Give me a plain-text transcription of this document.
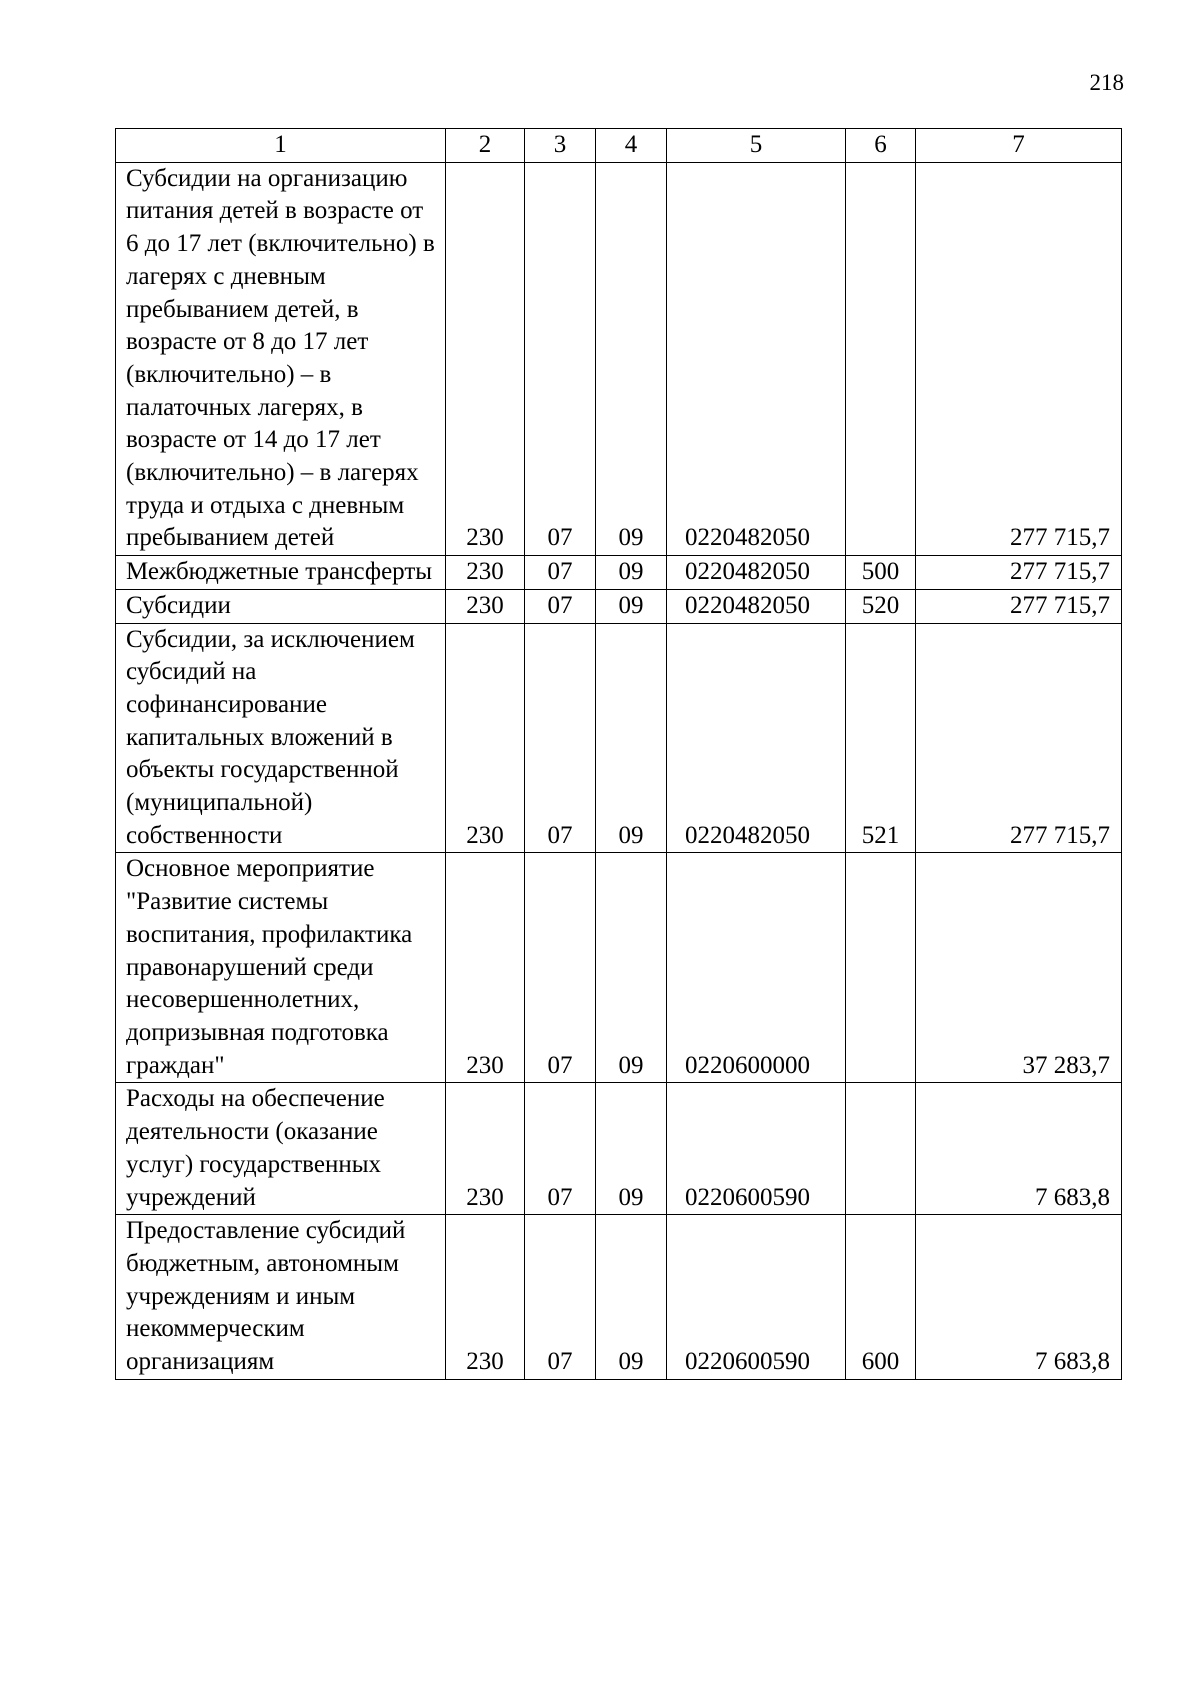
218
1	2	3	4	5	6	7
Субсидии на организацию питания детей в возрасте от 6 до 17 лет (включительно) в лагерях с дневным пребыванием детей, в возрасте от 8 до 17 лет (включительно) – в палаточных лагерях, в возрасте от 14 до 17 лет (включительно) – в лагерях труда и отдыха с дневным пребыванием детей	230	07	09	0220482050		277 715,7
Межбюджетные трансферты	230	07	09	0220482050	500	277 715,7
Субсидии	230	07	09	0220482050	520	277 715,7
Субсидии, за исключением субсидий на софинансирование капитальных вложений в объекты государственной (муниципальной) собственности	230	07	09	0220482050	521	277 715,7
Основное мероприятие "Развитие системы воспитания, профилактика правонарушений среди несовершеннолетних, допризывная подготовка граждан"	230	07	09	0220600000		37 283,7
Расходы на обеспечение деятельности (оказание услуг) государственных учреждений	230	07	09	0220600590		7 683,8
Предоставление субсидий бюджетным, автономным учреждениям и иным некоммерческим организациям	230	07	09	0220600590	600	7 683,8
